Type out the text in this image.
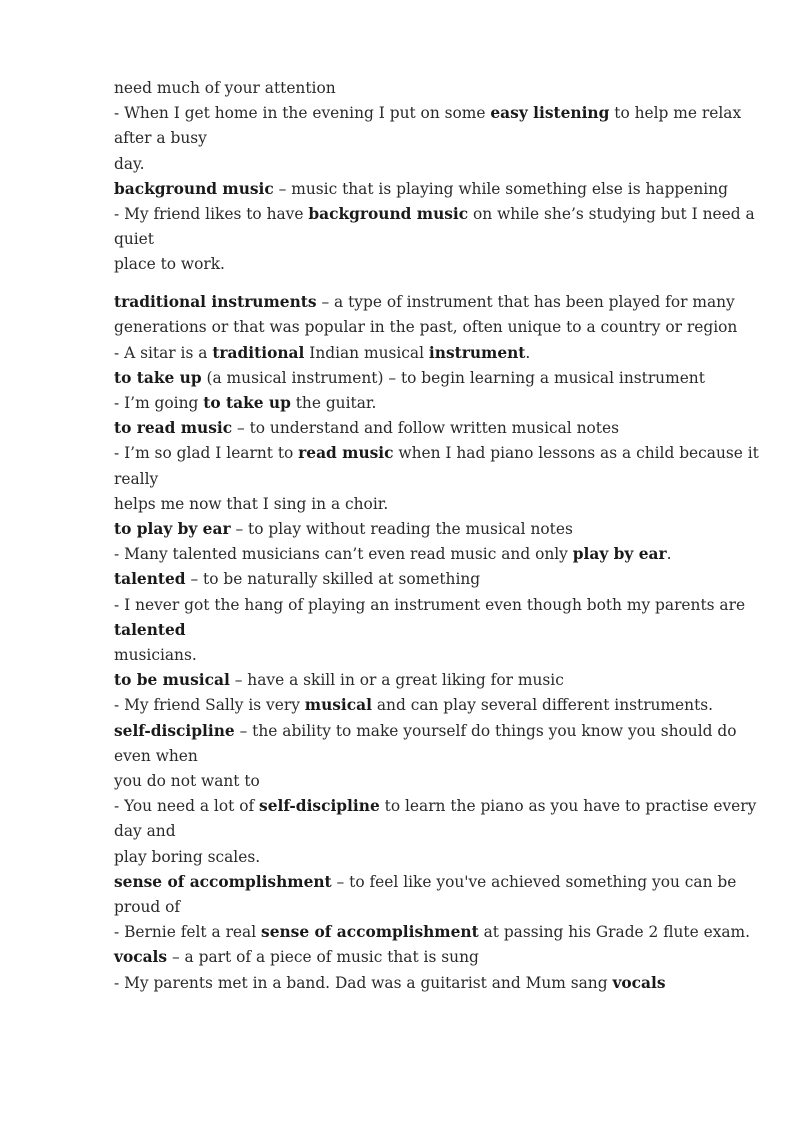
need much of your attention

- When I get home in the evening I put on some easy listening to help me relax

after a busy

day.

background music – music that is playing while something else is happening

- My friend likes to have background music on while she’s studying but I need a

quiet

place to work.

traditional instruments – a type of instrument that has been played for many

generations or that was popular in the past, often unique to a country or region

- A sitar is a traditional Indian musical instrument.

to take up (a musical instrument) – to begin learning a musical instrument

- I’m going to take up the guitar.

to read music – to understand and follow written musical notes

- I’m so glad I learnt to read music when I had piano lessons as a child because it

really

helps me now that I sing in a choir.

to play by ear – to play without reading the musical notes

- Many talented musicians can’t even read music and only play by ear.

talented – to be naturally skilled at something

- I never got the hang of playing an instrument even though both my parents are

talented

musicians.

to be musical – have a skill in or a great liking for music

- My friend Sally is very musical and can play several different instruments.

self-discipline – the ability to make yourself do things you know you should do

even when

you do not want to

- You need a lot of self-discipline to learn the piano as you have to practise every

day and

play boring scales.

sense of accomplishment – to feel like you've achieved something you can be

proud of

- Bernie felt a real sense of accomplishment at passing his Grade 2 flute exam.

vocals – a part of a piece of music that is sung

- My parents met in a band. Dad was a guitarist and Mum sang vocals
